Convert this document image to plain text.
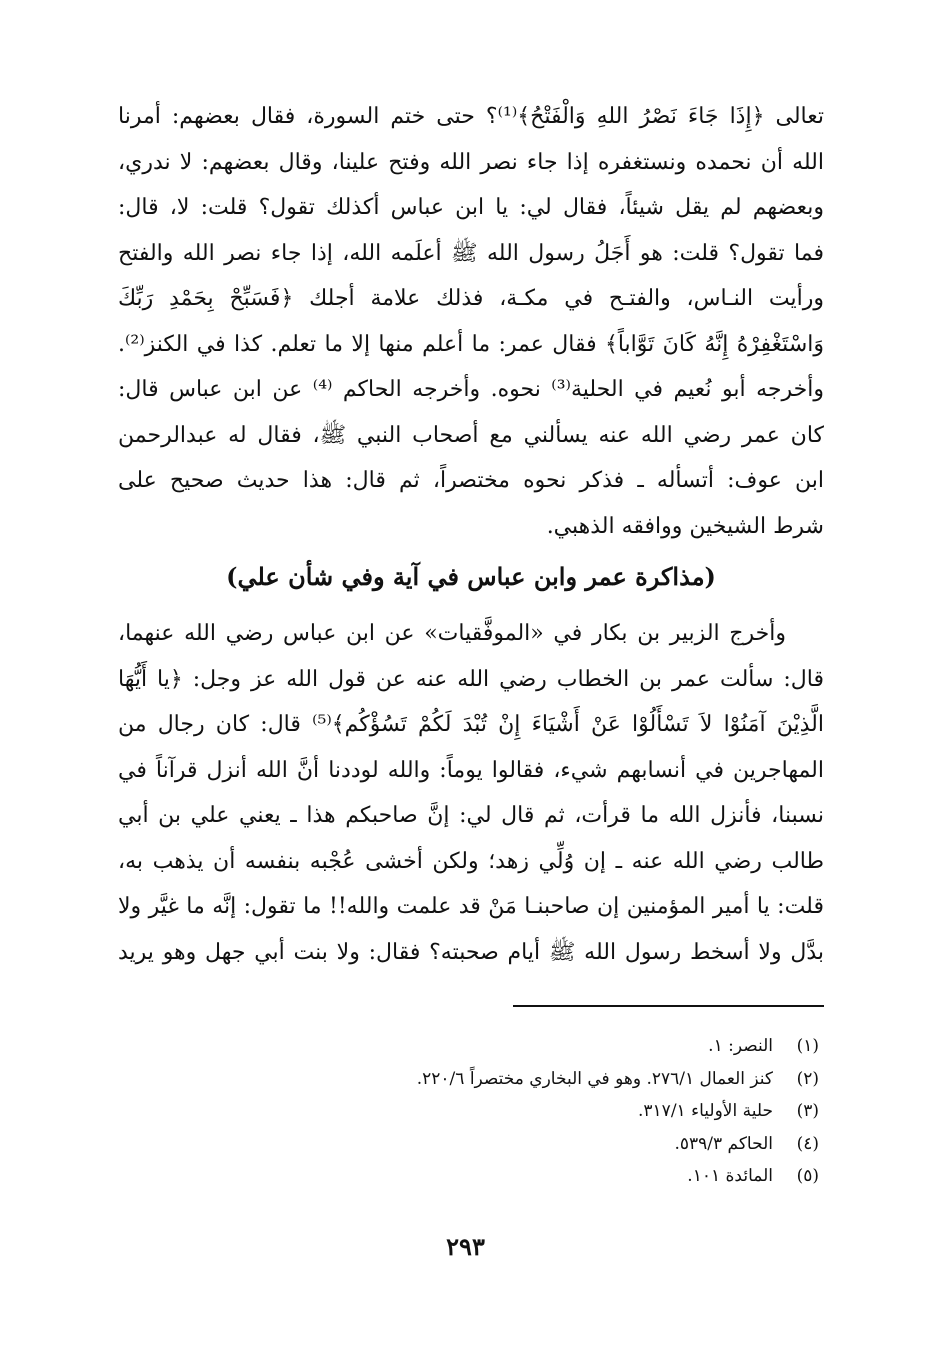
تعالى ﴿إِذَا جَاءَ نَصْرُ اللهِ وَالْفَتْحُ﴾⁽¹⁾؟ حتى ختم السورة، فقال بعضهم: أمرنا
الله أن نحمده ونستغفره إذا جاء نصر الله وفتح علينا، وقال بعضهم: لا ندري،
وبعضهم لم يقل شيئاً، فقال لي: يا ابن عباس أكذلك تقول؟ قلت: لا، قال:
فما تقول؟ قلت: هو أَجَلُ رسول الله ﷺ أعلَمه الله، إذا جاء نصر الله والفتح
ورأيت النـاس، والفتـح في مكـة، فذلك علامة أجلك ﴿فَسَبِّحْ بِحَمْدِ رَبِّكَ
وَاسْتَغْفِرْهُ إِنَّهُ كَانَ تَوَّاباً﴾ فقال عمر: ما أعلم منها إلا ما تعلم. كذا في الكنز⁽²⁾.
وأخرجه أبو نُعيم في الحلية⁽³⁾ نحوه. وأخرجه الحاكم ⁽⁴⁾ عن ابن عباس قال:
كان عمر رضي الله عنه يسألني مع أصحاب النبي ﷺ، فقال له عبدالرحمن
ابن عوف: أتسأله ـ فذكر نحوه مختصراً، ثم قال: هذا حديث صحيح على
شرط الشيخين ووافقه الذهبي.
(مذاكرة عمر وابن عباس في آية وفي شأن علي)
وأخرج الزبير بن بكار في «الموفَّقيات» عن ابن عباس رضي الله عنهما،
قال: سألت عمر بن الخطاب رضي الله عنه عن قول الله عز وجل: ﴿يا أَيُّهَا
الَّذِيْنَ آمَنُوْا لاَ تَسْأَلُوْا عَنْ أَشْيَاءَ إِنْ تُبْدَ لَكُمْ تَسُؤْكُم﴾⁽⁵⁾ قال: كان رجال من
المهاجرين في أنسابهم شيء، فقالوا يوماً: والله لوددنا أنَّ الله أنزل قرآناً في
نسبنا، فأنزل الله ما قرأت، ثم قال لي: إنَّ صاحبكم هذا ـ يعني علي بن أبي
طالب رضي الله عنه ـ إن وُلِّي زهد؛ ولكن أخشى عُجْبه بنفسه أن يذهب به،
قلت: يا أمير المؤمنين إن صاحبنـا مَنْ قد علمت والله!! ما تقول: إنَّه ما غيَّر ولا
بدَّل ولا أسخط رسول الله ﷺ أيام صحبته؟ فقال: ولا بنت أبي جهل وهو يريد
(١)النصر: ١.
(٢)كنز العمال ٢٧٦/١. وهو في البخاري مختصراً ٢٢٠/٦.
(٣)حلية الأولياء ٣١٧/١.
(٤)الحاكم ٥٣٩/٣.
(٥)المائدة ١٠١.
٢٩٣
